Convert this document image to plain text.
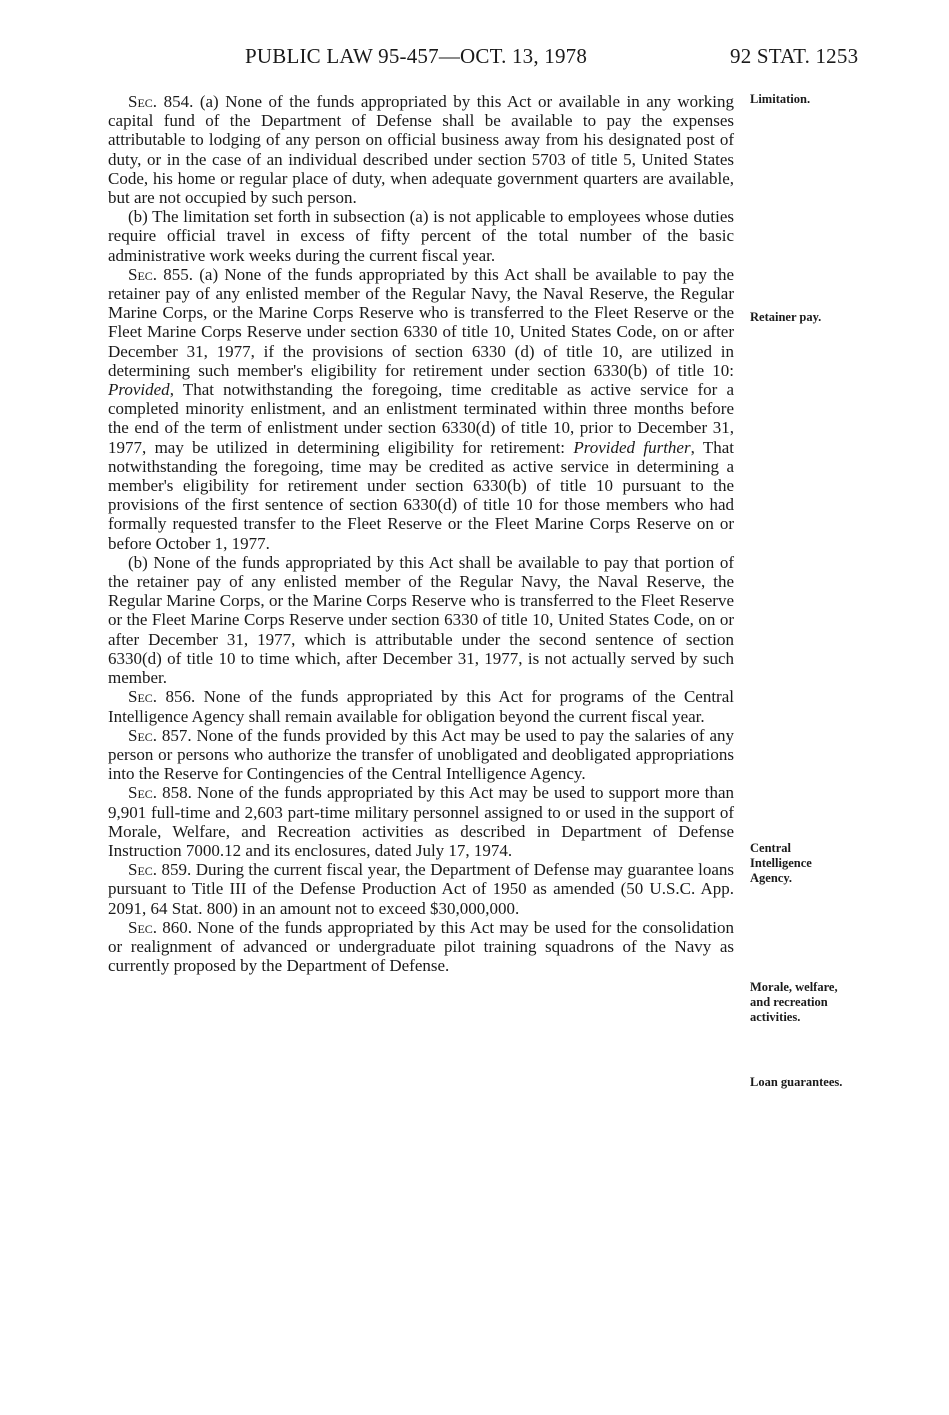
PUBLIC LAW 95-457—OCT. 13, 1978	92 STAT. 1253

Sec. 854. (a) None of the funds appropriated by this Act or available in any working capital fund of the Department of Defense shall be available to pay the expenses attributable to lodging of any person on official business away from his designated post of duty, or in the case of an individual described under section 5703 of title 5, United States Code, his home or regular place of duty, when adequate government quarters are available, but are not occupied by such person.

(b) The limitation set forth in subsection (a) is not applicable to employees whose duties require official travel in excess of fifty percent of the total number of the basic administrative work weeks during the current fiscal year.

Sec. 855. (a) None of the funds appropriated by this Act shall be available to pay the retainer pay of any enlisted member of the Regular Navy, the Naval Reserve, the Regular Marine Corps, or the Marine Corps Reserve who is transferred to the Fleet Reserve or the Fleet Marine Corps Reserve under section 6330 of title 10, United States Code, on or after December 31, 1977, if the provisions of section 6330 (d) of title 10, are utilized in determining such member's eligibility for retirement under section 6330(b) of title 10: Provided, That notwithstanding the foregoing, time creditable as active service for a completed minority enlistment, and an enlistment terminated within three months before the end of the term of enlistment under section 6330(d) of title 10, prior to December 31, 1977, may be utilized in determining eligibility for retirement: Provided further, That notwithstanding the foregoing, time may be credited as active service in determining a member's eligibility for retirement under section 6330(b) of title 10 pursuant to the provisions of the first sentence of section 6330(d) of title 10 for those members who had formally requested transfer to the Fleet Reserve or the Fleet Marine Corps Reserve on or before October 1, 1977.

(b) None of the funds appropriated by this Act shall be available to pay that portion of the retainer pay of any enlisted member of the Regular Navy, the Naval Reserve, the Regular Marine Corps, or the Marine Corps Reserve who is transferred to the Fleet Reserve or the Fleet Marine Corps Reserve under section 6330 of title 10, United States Code, on or after December 31, 1977, which is attributable under the second sentence of section 6330(d) of title 10 to time which, after December 31, 1977, is not actually served by such member.

Sec. 856. None of the funds appropriated by this Act for programs of the Central Intelligence Agency shall remain available for obligation beyond the current fiscal year.

Sec. 857. None of the funds provided by this Act may be used to pay the salaries of any person or persons who authorize the transfer of unobligated and deobligated appropriations into the Reserve for Contingencies of the Central Intelligence Agency.

Sec. 858. None of the funds appropriated by this Act may be used to support more than 9,901 full-time and 2,603 part-time military personnel assigned to or used in the support of Morale, Welfare, and Recreation activities as described in Department of Defense Instruction 7000.12 and its enclosures, dated July 17, 1974.

Sec. 859. During the current fiscal year, the Department of Defense may guarantee loans pursuant to Title III of the Defense Production Act of 1950 as amended (50 U.S.C. App. 2091, 64 Stat. 800) in an amount not to exceed $30,000,000.

Sec. 860. None of the funds appropriated by this Act may be used for the consolidation or realignment of advanced or undergraduate pilot training squadrons of the Navy as currently proposed by the Department of Defense.

Limitation.
Retainer pay.
Central
Intelligence
Agency.
Morale, welfare,
and recreation
activities.
Loan guarantees.
